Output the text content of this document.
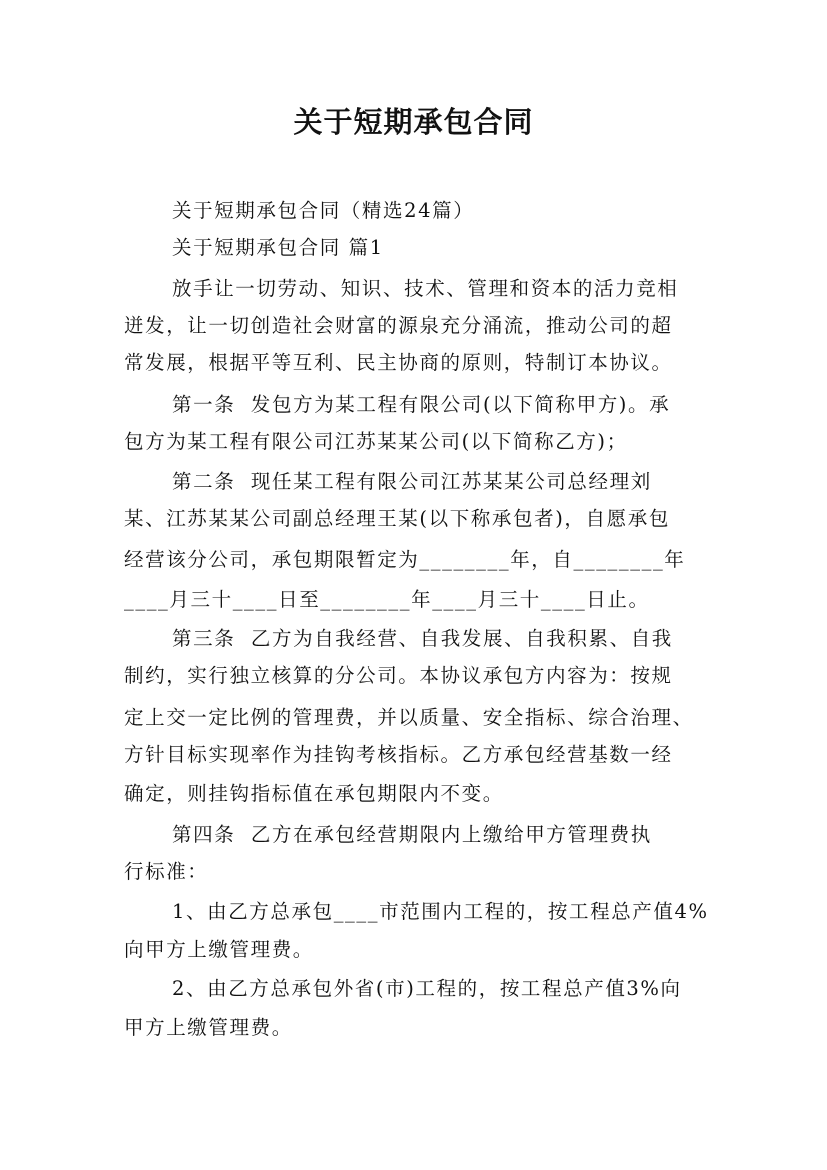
关于短期承包合同
关于短期承包合同（精选24篇）
关于短期承包合同 篇1
放手让一切劳动、知识、技术、管理和资本的活力竞相
迸发，让一切创造社会财富的源泉充分涌流，推动公司的超
常发展，根据平等互利、民主协商的原则，特制订本协议。
第一条  发包方为某工程有限公司(以下简称甲方)。承
包方为某工程有限公司江苏某某公司(以下简称乙方)；
第二条  现任某工程有限公司江苏某某公司总经理刘
某、江苏某某公司副总经理王某(以下称承包者)，自愿承包
经营该分公司，承包期限暂定为________年，自________年
____月三十____日至________年____月三十____日止。
第三条  乙方为自我经营、自我发展、自我积累、自我
制约，实行独立核算的分公司。本协议承包方内容为：按规
定上交一定比例的管理费，并以质量、安全指标、综合治理、
方针目标实现率作为挂钩考核指标。乙方承包经营基数一经
确定，则挂钩指标值在承包期限内不变。
第四条  乙方在承包经营期限内上缴给甲方管理费执
行标准：
1、由乙方总承包____市范围内工程的，按工程总产值4%
向甲方上缴管理费。
2、由乙方总承包外省(市)工程的，按工程总产值3%向
甲方上缴管理费。
